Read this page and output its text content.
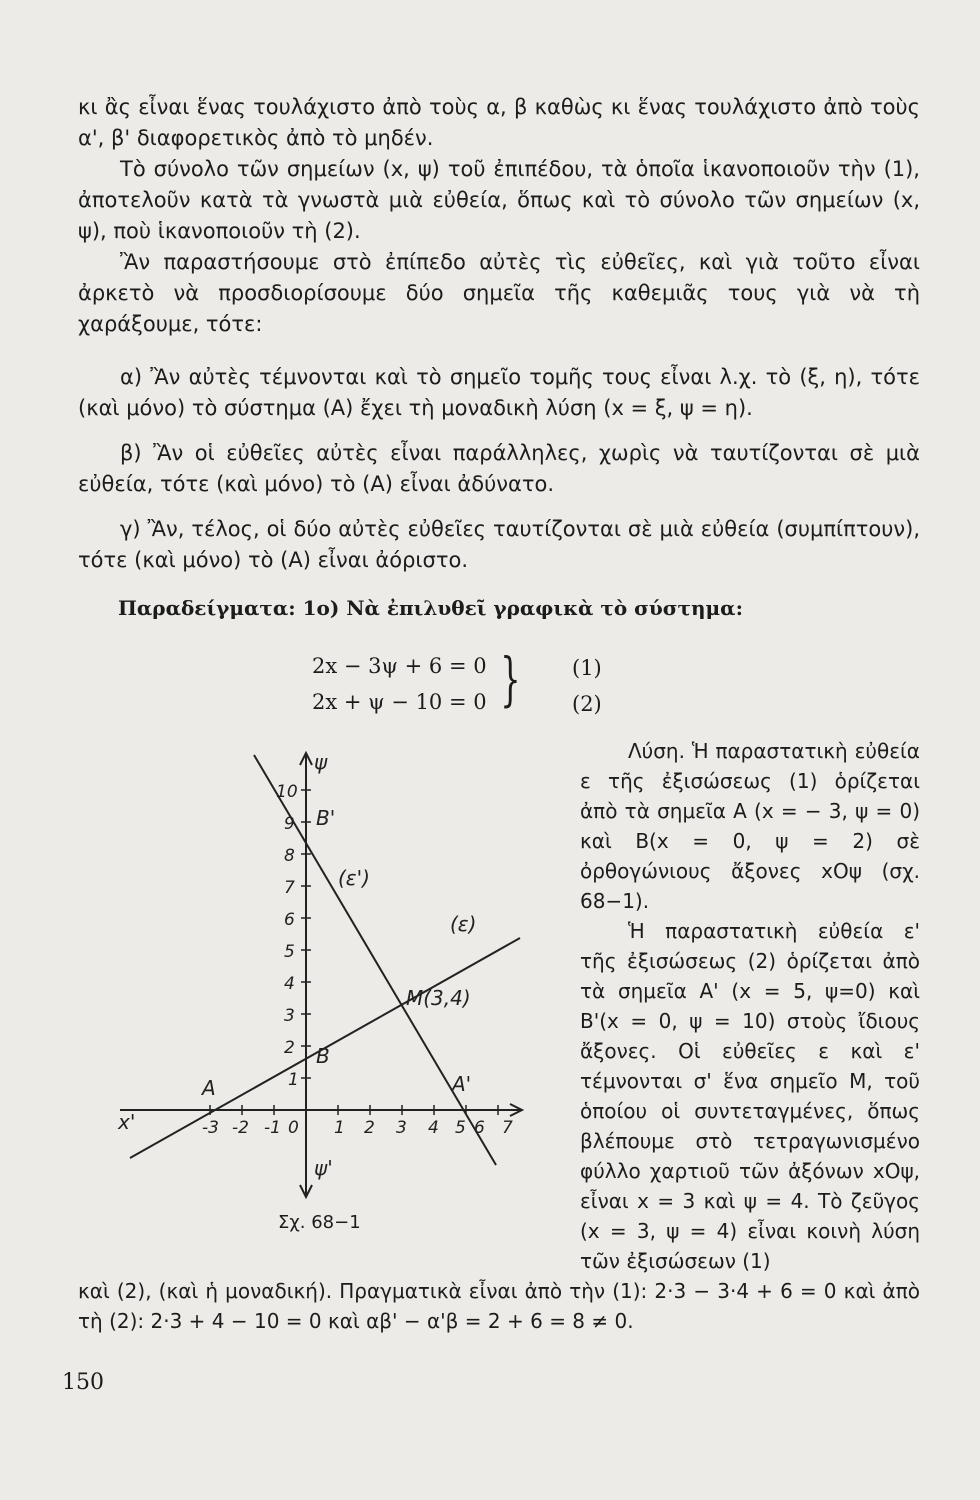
κι ἂς εἶναι ἕνας τουλάχιστο ἀπὸ τοὺς α, β καθὼς κι ἕνας τουλάχιστο ἀπὸ τοὺς α', β' διαφορετικὸς ἀπὸ τὸ μηδέν.

Τὸ σύνολο τῶν σημείων (x, ψ) τοῦ ἐπιπέδου, τὰ ὁποῖα ἱκανοποιοῦν τὴν (1), ἀποτελοῦν κατὰ τὰ γνωστὰ μιὰ εὐθεία, ὅπως καὶ τὸ σύνολο τῶν σημείων (x, ψ), ποὺ ἱκανοποιοῦν τὴ (2).

Ἂν παραστήσουμε στὸ ἐπίπεδο αὐτὲς τὶς εὐθεῖες, καὶ γιὰ τοῦτο εἶναι ἀρκετὸ νὰ προσδιορίσουμε δύο σημεῖα τῆς καθεμιᾶς τους γιὰ νὰ τὴ χαράξουμε, τότε:

α) Ἂν αὐτὲς τέμνονται καὶ τὸ σημεῖο τομῆς τους εἶναι λ.χ. τὸ (ξ, η), τότε (καὶ μόνο) τὸ σύστημα (Α) ἔχει τὴ μοναδικὴ λύση (x = ξ, ψ = η).

β) Ἂν οἱ εὐθεῖες αὐτὲς εἶναι παράλληλες, χωρὶς νὰ ταυτίζονται σὲ μιὰ εὐθεία, τότε (καὶ μόνο) τὸ (Α) εἶναι ἀδύνατο.

γ) Ἂν, τέλος, οἱ δύο αὐτὲς εὐθεῖες ταυτίζονται σὲ μιὰ εὐθεία (συμπίπτουν), τότε (καὶ μόνο) τὸ (Α) εἶναι ἀόριστο.

Παραδείγματα: 1ο) Νὰ ἐπιλυθεῖ γραφικὰ τὸ σύστημα:
2x − 3ψ + 6 = 0
2x + ψ − 10 = 0 } (1)
(2)
-3 -2 -1 0 1 2 3 4 5 6 7
1
2
3
4
5
6
7
8
9
10
ψ
x'
ψ'
A	A'
B
B'
M(3,4)
(ε)
(ε')
Σχ. 68−1

Λύση. Ἡ παραστατικὴ εὐθεία ε τῆς ἐξισώσεως (1) ὁρίζεται ἀπὸ τὰ σημεῖα Α (x = − 3, ψ = 0) καὶ Β(x = 0, ψ = 2) σὲ ὀρθογώνιους ἄξονες xΟψ (σχ. 68−1).

Ἡ παραστατικὴ εὐθεία ε' τῆς ἐξισώσεως (2) ὁρίζεται ἀπὸ τὰ σημεῖα Α' (x = 5, ψ=0) καὶ Β'(x = 0, ψ = 10) στοὺς ἴδιους ἄξονες. Οἱ εὐθεῖες ε καὶ ε' τέμνονται σ' ἕνα σημεῖο Μ, τοῦ ὁποίου οἱ συντεταγμένες, ὅπως βλέπουμε στὸ τετραγωνισμένο φύλλο χαρτιοῦ τῶν ἀξόνων xΟψ, εἶναι x = 3 καὶ ψ = 4. Τὸ ζεῦγος (x = 3, ψ = 4) εἶναι κοινὴ λύση τῶν ἐξισώσεων (1)

καὶ (2), (καὶ ἡ μοναδική). Πραγματικὰ εἶναι ἀπὸ τὴν (1): 2·3 − 3·4 + 6 = 0 καὶ ἀπὸ τὴ (2): 2·3 + 4 − 10 = 0 καὶ αβ' − α'β = 2 + 6 = 8 ≠ 0.

150
